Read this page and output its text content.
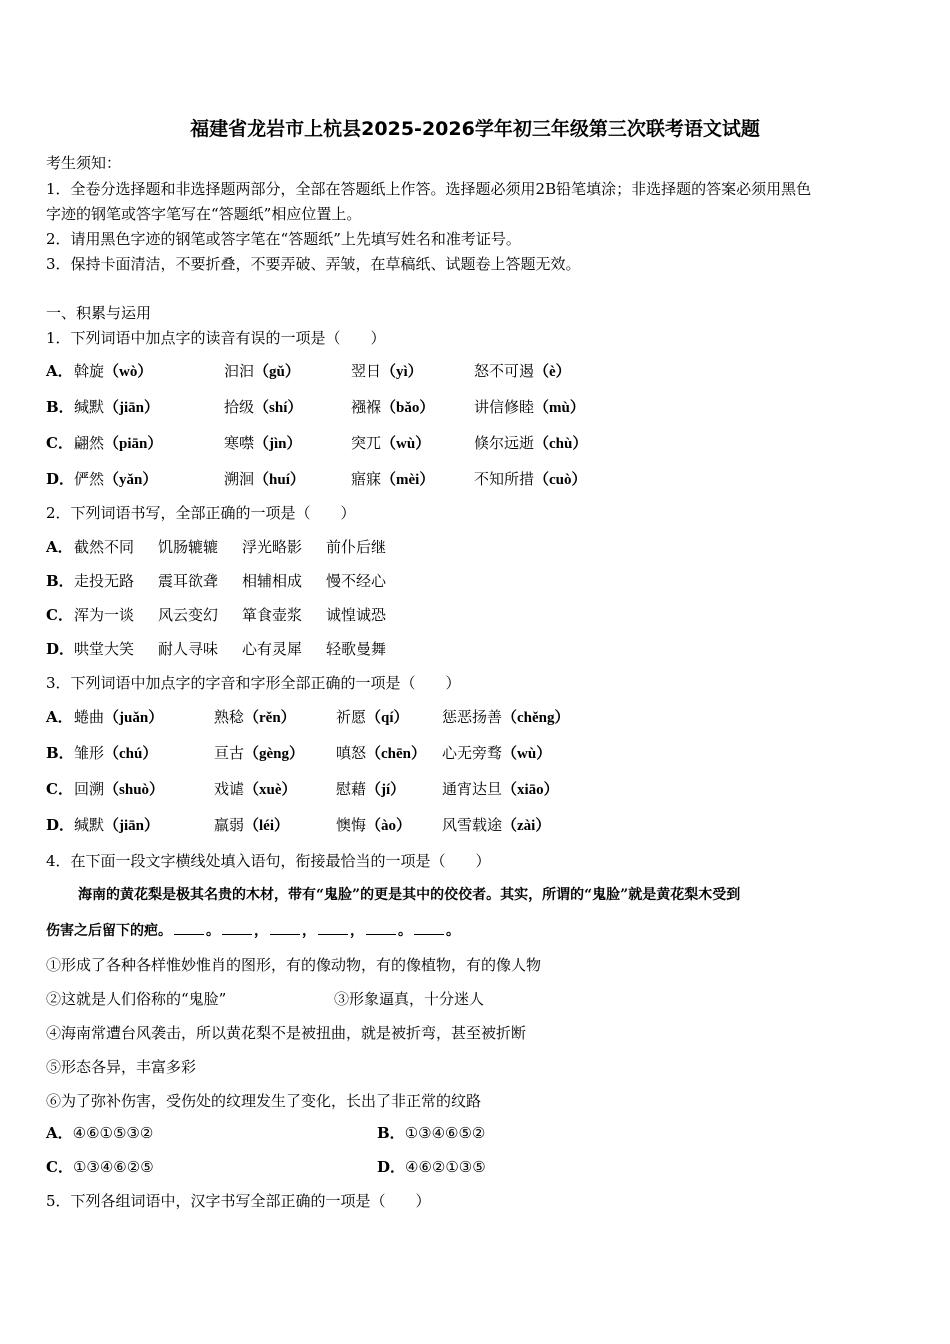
福建省龙岩市上杭县2025-2026学年初三年级第三次联考语文试题
考生须知：
1．全卷分选择题和非选择题两部分，全部在答题纸上作答。选择题必须用2B铅笔填涂；非选择题的答案必须用黑色
字迹的钢笔或答字笔写在“答题纸”相应位置上。
2．请用黑色字迹的钢笔或答字笔在“答题纸”上先填写姓名和准考证号。
3．保持卡面清洁，不要折叠，不要弄破、弄皱，在草稿纸、试题卷上答题无效。
一、积累与运用
1．下列词语中加点字的读音有误的一项是（　　）
2．下列词语书写，全部正确的一项是（　　）
3．下列词语中加点字的字音和字形全部正确的一项是（　　）
4．在下面一段文字横线处填入语句，衔接最恰当的一项是（　　）
海南的黄花梨是极其名贵的木材，带有“鬼脸”的更是其中的佼佼者。其实，所谓的“鬼脸”就是黄花梨木受到
伤害之后留下的疤。 。 ， ， ， 。 。
5．下列各组词语中，汉字书写全部正确的一项是（　　）
A． 斡旋（wò）	汩汩（gǔ）	翌日（yì）	怒不可遏（è）
B． 缄默（jiān）	拾级（shí）	襁褓（bǎo）	讲信修睦（mù）
C． 翩然（piān）	寒噤（jìn）	突兀（wù）	倏尔远逝（chù）
D． 俨然（yǎn）	溯洄（huí）	寤寐（mèi）	不知所措（cuò）
A． 蜷曲（juǎn）	熟稔（rěn）	祈愿（qí） 惩恶扬善（chěng）
B． 雏形（chú）	亘古（gèng） 嗔怒（chēn） 心无旁骛（wù）
C． 回溯（shuò）	戏谑（xuè）	慰藉（jí） 通宵达旦（xiāo）
D． 缄默（jiān）	羸弱（léi）	懊悔（ào） 风雪载途（zài）
A． 截然不同 饥肠辘辘 浮光略影 前仆后继
B． 走投无路 震耳欲聋 相辅相成 慢不经心
C． 浑为一谈 风云变幻 箪食壶浆 诚惶诚恐
D． 哄堂大笑 耐人寻味 心有灵犀 轻歌曼舞
①形成了各种各样惟妙惟肖的图形，有的像动物，有的像植物，有的像人物
②这就是人们俗称的“鬼脸”	③形象逼真，十分迷人
④海南常遭台风袭击，所以黄花梨不是被扭曲，就是被折弯，甚至被折断
⑤形态各异，丰富多彩
⑥为了弥补伤害，受伤处的纹理发生了变化，长出了非正常的纹路
A．④⑥①⑤③②	B．①③④⑥⑤②
C．①③④⑥②⑤	D．④⑥②①③⑤
